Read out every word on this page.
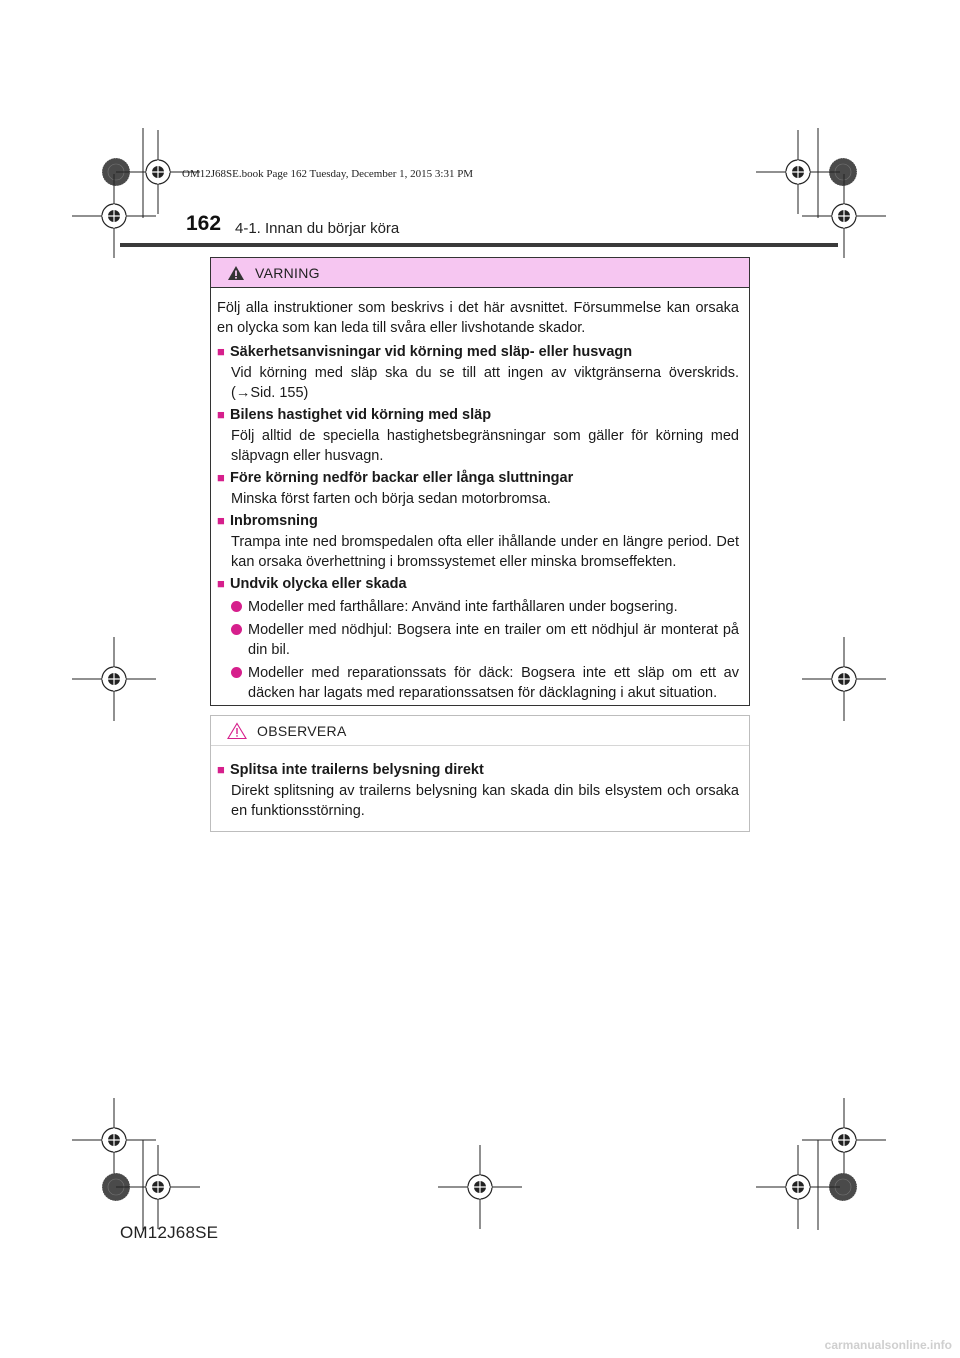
OM12J68SE.book Page 162 Tuesday, December 1, 2015 3:31 PM
162 4-1. Innan du börjar köra
VARNING

Följ alla instruktioner som beskrivs i det här avsnittet. Försummelse kan orsaka en olycka som kan leda till svåra eller livshotande skador.

■ Säkerhetsanvisningar vid körning med släp- eller husvagn

Vid körning med släp ska du se till att ingen av viktgränserna överskrids. (→Sid. 155)

■ Bilens hastighet vid körning med släp

Följ alltid de speciella hastighetsbegränsningar som gäller för körning med släpvagn eller husvagn.

■ Före körning nedför backar eller långa sluttningar

Minska först farten och börja sedan motorbromsa.

■ Inbromsning

Trampa inte ned bromspedalen ofta eller ihållande under en längre period. Det kan orsaka överhettning i bromssystemet eller minska bromseffekten.

■ Undvik olycka eller skada

Modeller med farthållare: Använd inte farthållaren under bogsering.
Modeller med nödhjul: Bogsera inte en trailer om ett nödhjul är monterat på din bil.
Modeller med reparationssats för däck: Bogsera inte ett släp om ett av däcken har lagats med reparationssatsen för däcklagning i akut situation.
OBSERVERA

■ Splitsa inte trailerns belysning direkt

Direkt splitsning av trailerns belysning kan skada din bils elsystem och orsaka en funktionsstörning.

OM12J68SE
carmanualsonline.info
